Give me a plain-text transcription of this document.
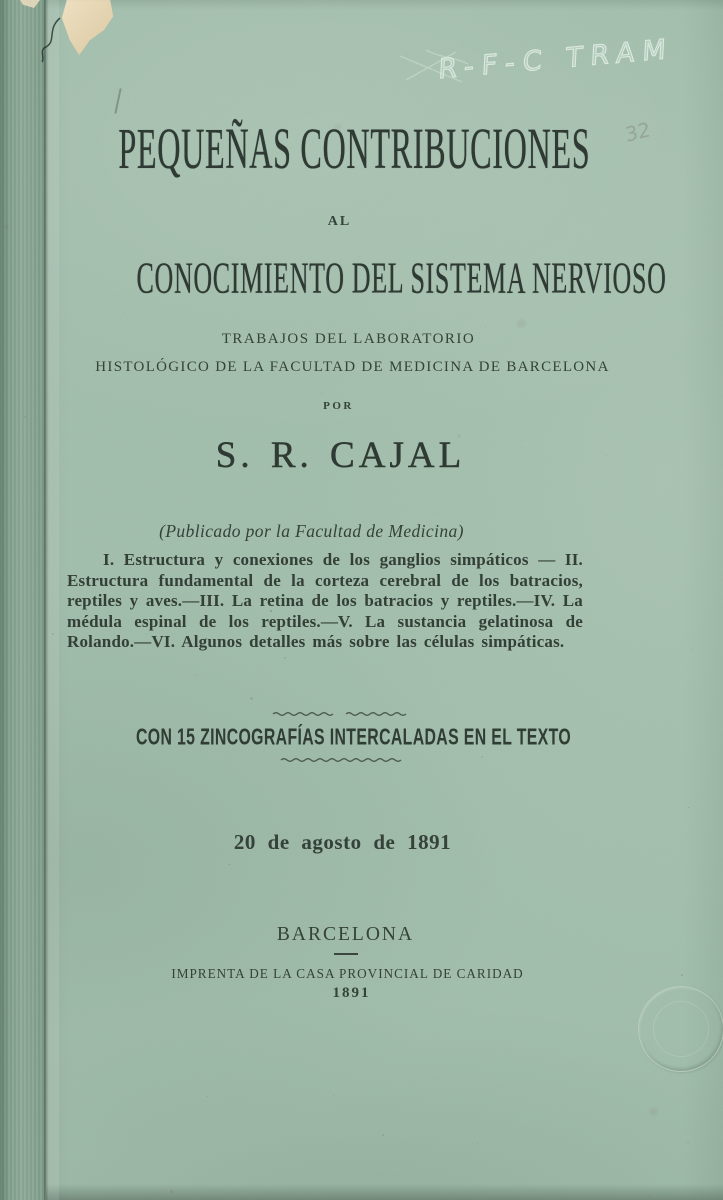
R-F-C TRAM
32
PEQUEÑAS CONTRIBUCIONES
AL
CONOCIMIENTO DEL SISTEMA NERVIOSO
TRABAJOS DEL LABORATORIO
HISTOLÓGICO DE LA FACULTAD DE MEDICINA DE BARCELONA
POR
S. R. CAJAL
(Publicado por la Facultad de Medicina)
I. Estructura y conexiones de los ganglios simpáticos — II. Estructura fundamental de la corteza cerebral de los batracios, reptiles y aves.—III. La retina de los batracios y reptiles.—IV. La médula espinal de los reptiles.—V. La sustancia gelatinosa de Rolando.—VI. Algunos detalles más sobre las células simpáticas.
CON 15 ZINCOGRAFÍAS INTERCALADAS EN EL TEXTO
20 de agosto de 1891
BARCELONA
IMPRENTA DE LA CASA PROVINCIAL DE CARIDAD
1891
